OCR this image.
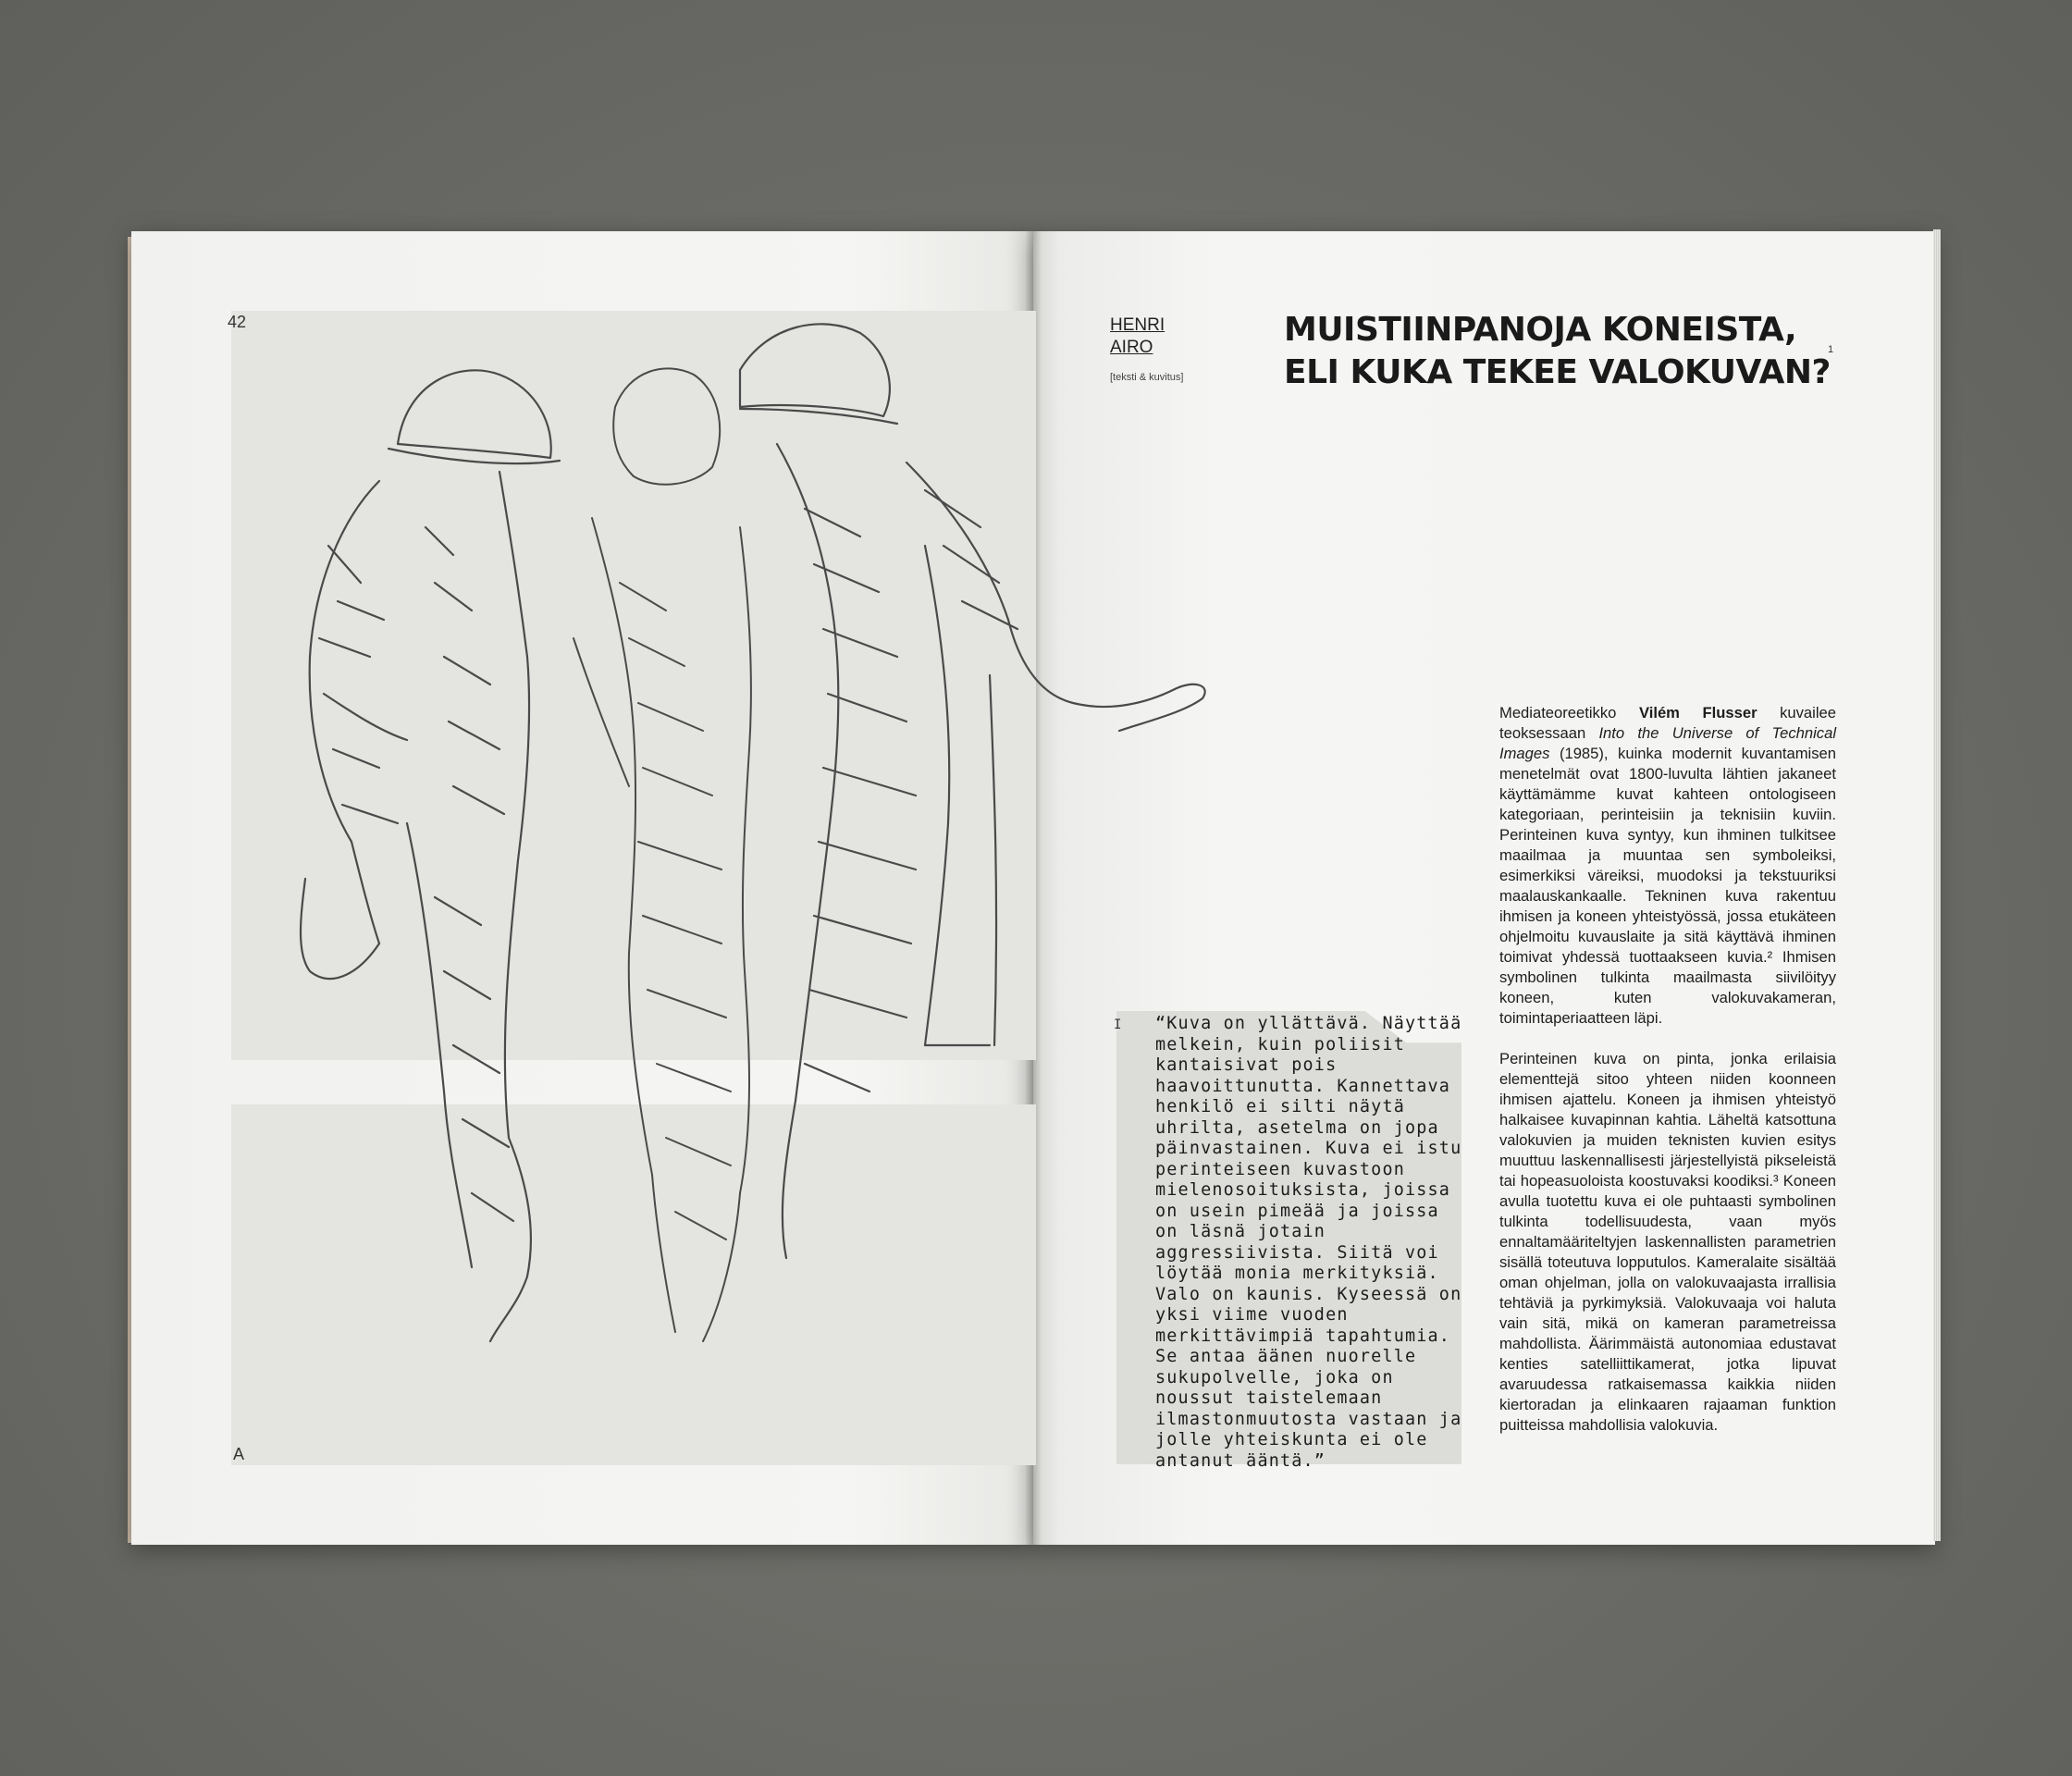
42
A
HENRI
AIRO
[teksti & kuvitus]
MUISTIINPANOJA KONEISTA,
ELI KUKA TEKEE VALOKUVAN?
1
I “Kuva on yllättävä. Näyttää melkein, kuin poliisit kantaisivat pois haavoittunutta. Kannettava henkilö ei silti näytä uhrilta, asetelma on jopa päinvastainen. Kuva ei istu perinteiseen kuvastoon mielenosoituksista, joissa on usein pimeää ja joissa on läsnä jotain aggressiivista. Siitä voi löytää monia merkityksiä. Valo on kaunis. Kyseessä on yksi viime vuoden merkittävimpiä tapahtumia. Se antaa äänen nuorelle sukupolvelle, joka on noussut taistelemaan ilmastonmuutosta vastaan ja jolle yhteiskunta ei ole antanut ääntä.”

Mediateoreetikko Vilém Flusser kuvailee teoksessaan Into the Universe of Technical Images (1985), kuinka modernit kuvantamisen menetelmät ovat 1800-luvulta lähtien jakaneet käyttämämme kuvat kahteen ontologiseen kategoriaan, perinteisiin ja teknisiin kuviin. Perinteinen kuva syntyy, kun ihminen tulkitsee maailmaa ja muuntaa sen symboleiksi, esimerkiksi väreiksi, muodoksi ja tekstuuriksi maalauskankaalle. Tekninen kuva rakentuu ihmisen ja koneen yhteistyössä, jossa etukäteen ohjelmoitu kuvauslaite ja sitä käyttävä ihminen toimivat yhdessä tuottaakseen kuvia.² Ihmisen symbolinen tulkinta maailmasta siivilöityy koneen, kuten valokuvakameran, toimintaperiaatteen läpi.

Perinteinen kuva on pinta, jonka erilaisia elementtejä sitoo yhteen niiden koonneen ihmisen ajattelu. Koneen ja ihmisen yhteistyö halkaisee kuvapinnan kahtia. Läheltä katsottuna valokuvien ja muiden teknisten kuvien esitys muuttuu laskennallisesti järjestellyistä pikseleistä tai hopeasuoloista koostuvaksi koodiksi.³ Koneen avulla tuotettu kuva ei ole puhtaasti symbolinen tulkinta todellisuudesta, vaan myös ennaltamääriteltyjen laskennallisten parametrien sisällä toteutuva lopputulos. Kameralaite sisältää oman ohjelman, jolla on valokuvaajasta irrallisia tehtäviä ja pyrkimyksiä. Valokuvaaja voi haluta vain sitä, mikä on kameran parametreissa mahdollista. Äärimmäistä autonomiaa edustavat kenties satelliittikamerat, jotka lipuvat avaruudessa ratkaisemassa kaikkia niiden kiertoradan ja elinkaaren rajaaman funktion puitteissa mahdollisia valokuvia.
